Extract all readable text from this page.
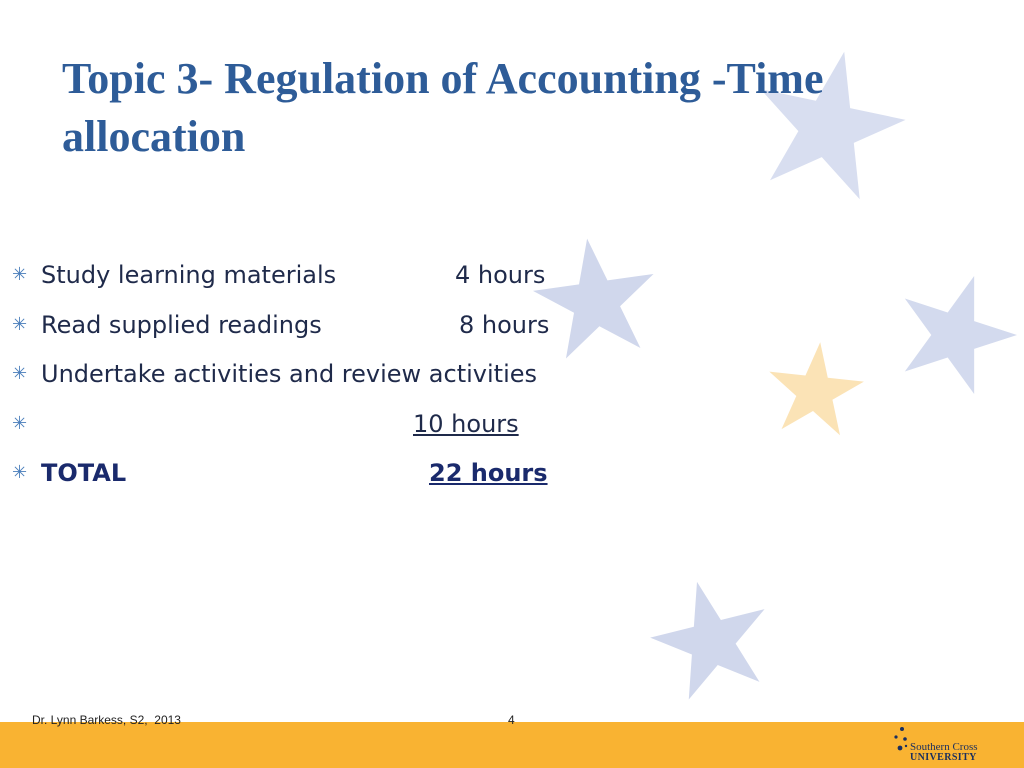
Topic 3- Regulation of Accounting -Time allocation
✳ Study learning materials	4 hours
✳ Read supplied readings	8 hours
✳ Undertake activities and review activities
✳	10 hours
✳ TOTAL	22 hours
Dr. Lynn Barkess, S2,  2013	4
Southern Cross
UNIVERSITY
